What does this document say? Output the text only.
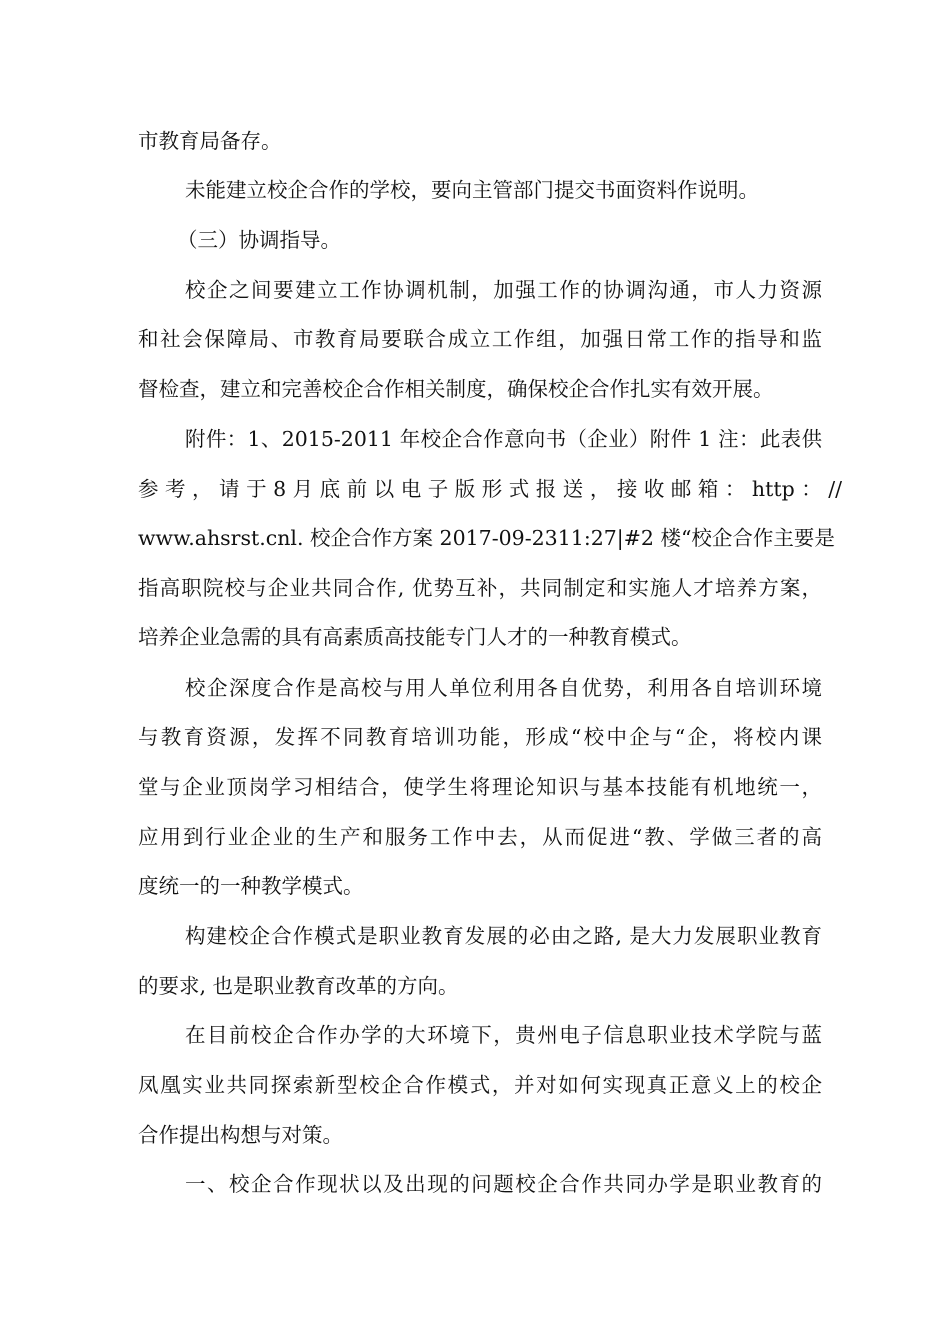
市教育局备存。

未能建立校企合作的学校，要向主管部门提交书面资料作说明。

（三）协调指导。

校企之间要建立工作协调机制，加强工作的协调沟通，市人力资源

和社会保障局、市教育局要联合成立工作组，加强日常工作的指导和监

督检查，建立和完善校企合作相关制度，确保校企合作扎实有效开展。

附件：1、2015-2011 年校企合作意向书（企业）附件 1 注：此表供

参 考 ， 请 于 8 月 底 前 以 电 子 版 形 式 报 送 ， 接 收 邮 箱 ： http ： //

www.ahsrst.cnl. 校企合作方案 2017-09-2311:27|#2 楼“校企合作主要是

指高职院校与企业共同合作, 优势互补，共同制定和实施人才培养方案，

培养企业急需的具有高素质高技能专门人才的一种教育模式。

校企深度合作是高校与用人单位利用各自优势，利用各自培训环境

与教育资源，发挥不同教育培训功能，形成“校中企与“企，将校内课

堂与企业顶岗学习相结合，使学生将理论知识与基本技能有机地统一，

应用到行业企业的生产和服务工作中去，从而促进“教、学做三者的高

度统一的一种教学模式。

构建校企合作模式是职业教育发展的必由之路, 是大力发展职业教育

的要求, 也是职业教育改革的方向。

在目前校企合作办学的大环境下，贵州电子信息职业技术学院与蓝

凤凰实业共同探索新型校企合作模式，并对如何实现真正意义上的校企

合作提出构想与对策。

一、校企合作现状以及出现的问题校企合作共同办学是职业教育的
